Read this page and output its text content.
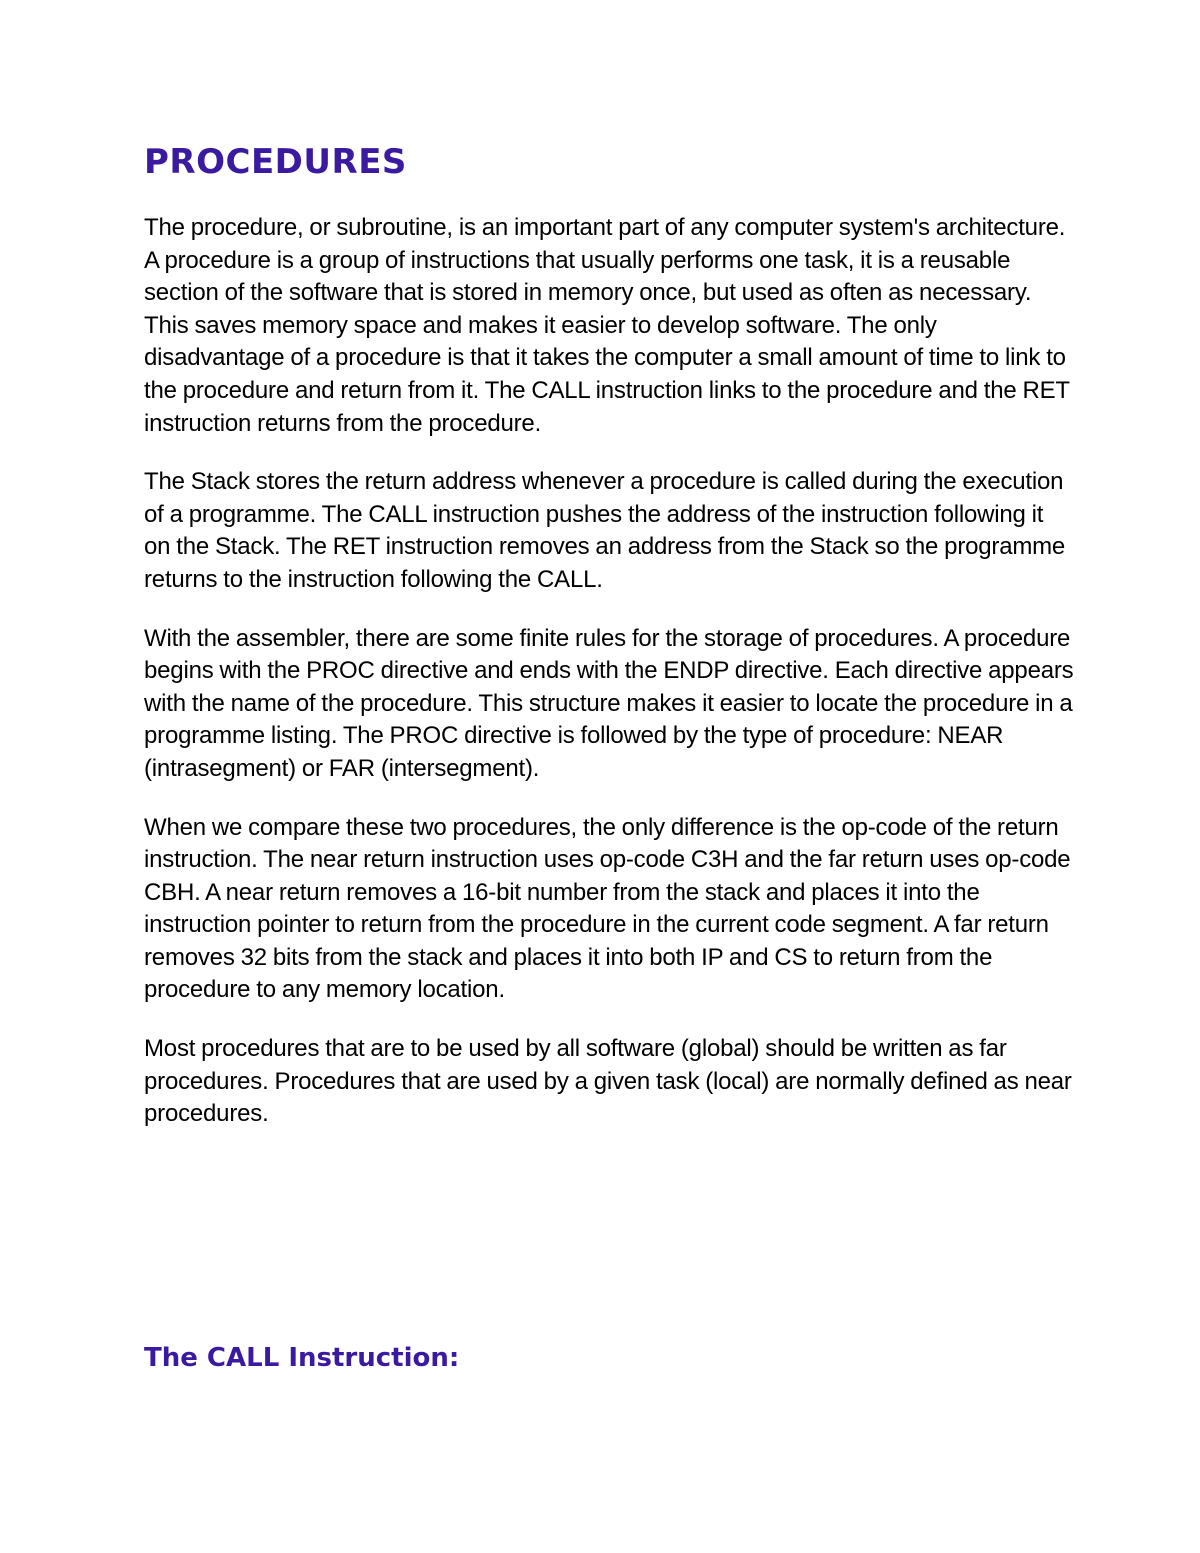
PROCEDURES

The procedure, or subroutine, is an important part of any computer system's architecture. A procedure is a group of instructions that usually performs one task, it is a reusable section of the software that is stored in memory once, but used as often as necessary. This saves memory space and makes it easier to develop software. The only disadvantage of a procedure is that it takes the computer a small amount of time to link to the procedure and return from it. The CALL instruction links to the procedure and the RET instruction returns from the procedure.

The Stack stores the return address whenever a procedure is called during the execution of a programme. The CALL instruction pushes the address of the instruction following it on the Stack. The RET instruction removes an address from the Stack so the programme returns to the instruction following the CALL.

With the assembler, there are some finite rules for the storage of procedures. A procedure begins with the PROC directive and ends with the ENDP directive. Each directive appears with the name of the procedure. This structure makes it easier to locate the procedure in a programme listing. The PROC directive is followed by the type of procedure: NEAR (intrasegment) or FAR (intersegment).

When we compare these two procedures, the only difference is the op-code of the return instruction. The near return instruction uses op-code C3H and the far return uses op-code CBH. A near return removes a 16-bit number from the stack and places it into the instruction pointer to return from the procedure in the current code segment. A far return removes 32 bits from the stack and places it into both IP and CS to return from the procedure to any memory location.

Most procedures that are to be used by all software (global) should be written as far procedures. Procedures that are used by a given task (local) are normally defined as near procedures.

The CALL Instruction:
